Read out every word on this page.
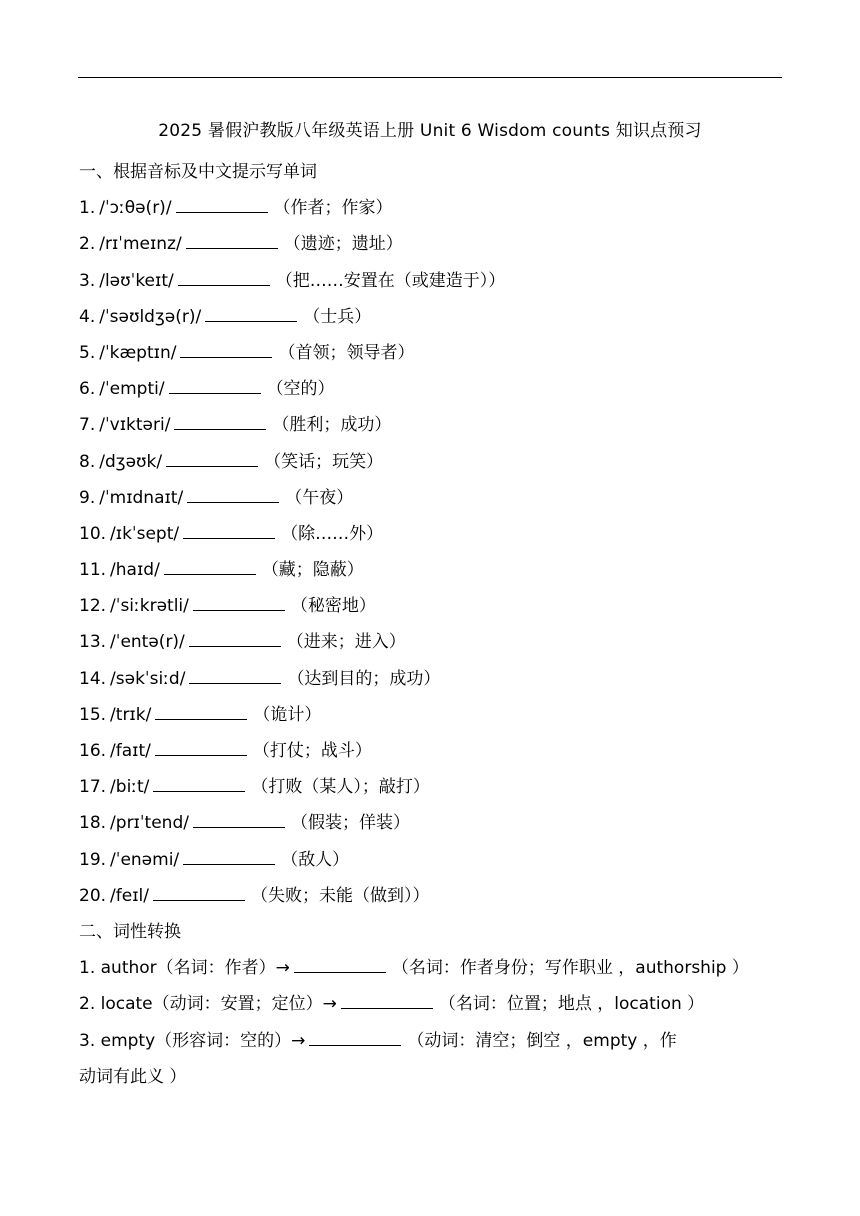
2025 暑假沪教版八年级英语上册 Unit 6 Wisdom counts 知识点预习
一、根据音标及中文提示写单词
1. /ˈɔːθə(r)/	（作者；作家）
2. /rɪˈmeɪnz/	（遗迹；遗址）
3. /ləʊˈkeɪt/	（把……安置在（或建造于））
4. /ˈsəʊldʒə(r)/	（士兵）
5. /ˈkæptɪn/	（首领；领导者）
6. /ˈempti/	（空的）
7. /ˈvɪktəri/	（胜利；成功）
8. /dʒəʊk/	（笑话；玩笑）
9. /ˈmɪdnaɪt/	（午夜）
10. /ɪkˈsept/	（除……外）
11. /haɪd/	（藏；隐蔽）
12. /ˈsiːkrətli/	（秘密地）
13. /ˈentə(r)/	（进来；进入）
14. /səkˈsiːd/	（达到目的；成功）
15. /trɪk/	（诡计）
16. /faɪt/	（打仗；战斗）
17. /biːt/	（打败（某人）；敲打）
18. /prɪˈtend/	（假装；佯装）
19. /ˈenəmi/	（敌人）
20. /feɪl/	（失败；未能（做到））
二、词性转换
1. author（名词：作者）→	（名词：作者身份；写作职业 ，authorship ）
2. locate（动词：安置；定位）→	（名词：位置；地点 ，location ）
3. empty（形容词：空的）→	（动词：清空；倒空 ，empty ，作
动词有此义 ）
